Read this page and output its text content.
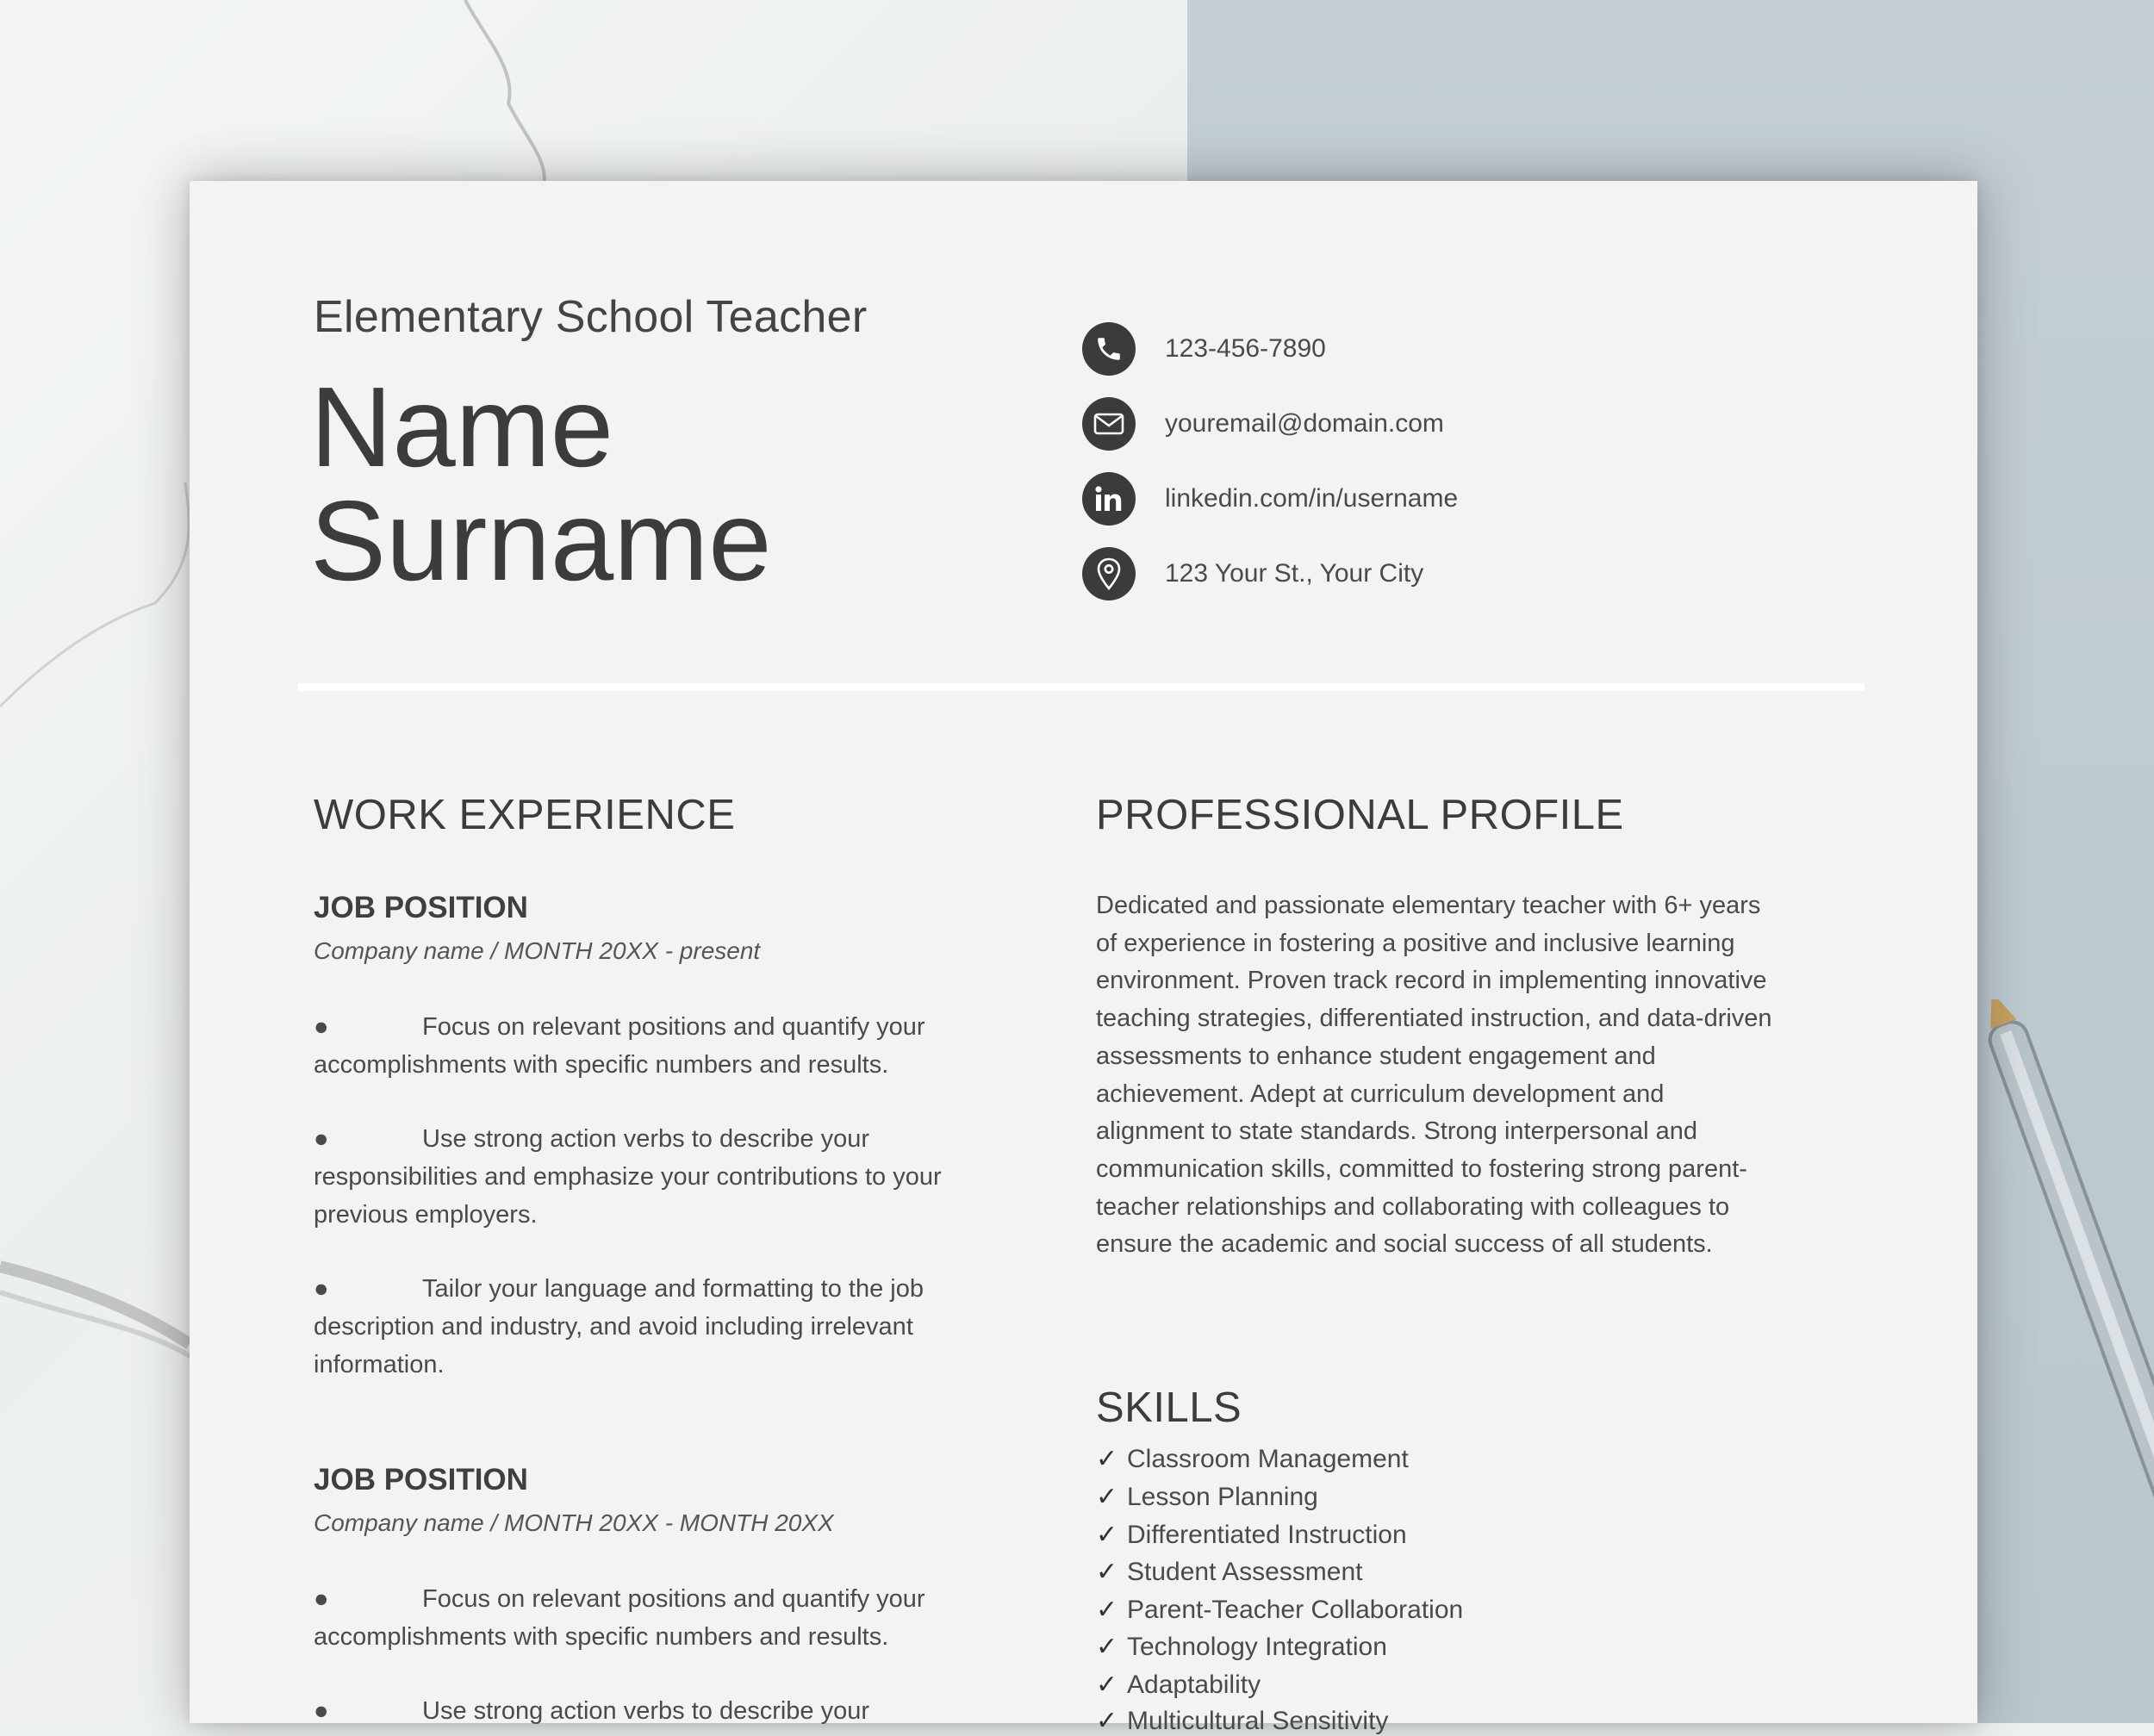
Elementary School Teacher
Name
Surname
123-456-7890
youremail@domain.com
linkedin.com/in/username
123 Your St., Your City
WORK EXPERIENCE
JOB POSITION
Company name / MONTH 20XX - present
●	Focus on relevant positions and quantify your accomplishments with specific numbers and results.
●	Use strong action verbs to describe your responsibilities and emphasize your contributions to your previous employers.
●	Tailor your language and formatting to the job description and industry, and avoid including irrelevant information.
JOB POSITION
Company name / MONTH 20XX - MONTH 20XX
●	Focus on relevant positions and quantify your accomplishments with specific numbers and results.
●	Use strong action verbs to describe your
PROFESSIONAL PROFILE
Dedicated and passionate elementary teacher with 6+ years of experience in fostering a positive and inclusive learning environment. Proven track record in implementing innovative teaching strategies, differentiated instruction, and data-driven assessments to enhance student engagement and achievement. Adept at curriculum development and alignment to state standards. Strong interpersonal and communication skills, committed to fostering strong parent-teacher relationships and collaborating with colleagues to ensure the academic and social success of all students.
SKILLS
✓ Classroom Management
✓ Lesson Planning
✓ Differentiated Instruction
✓ Student Assessment
✓ Parent-Teacher Collaboration
✓ Technology Integration
✓ Adaptability
✓ Multicultural Sensitivity
